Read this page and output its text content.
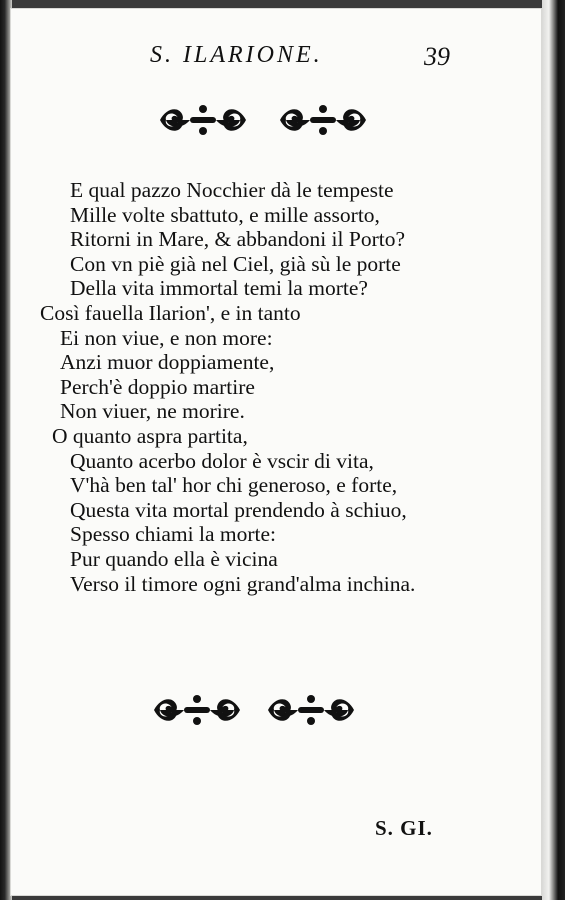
S. ILARIONE.	39
E qual pazzo Nocchier dà le tempeste
Mille volte sbattuto, e mille assorto,
Ritorni in Mare, & abbandoni il Porto?
Con vn piè già nel Ciel, già sù le porte
Della vita immortal temi la morte?
Così fauella Ilarion', e in tanto
Ei non viue, e non more:
Anzi muor doppiamente,
Perch'è doppio martire
Non viuer, ne morire.
O quanto aspra partita,
Quanto acerbo dolor è vscir di vita,
V'hà ben tal' hor chi generoso, e forte,
Questa vita mortal prendendo à schiuo,
Spesso chiami la morte:
Pur quando ella è vicina
Verso il timore ogni grand'alma inchina.
S. GI.
